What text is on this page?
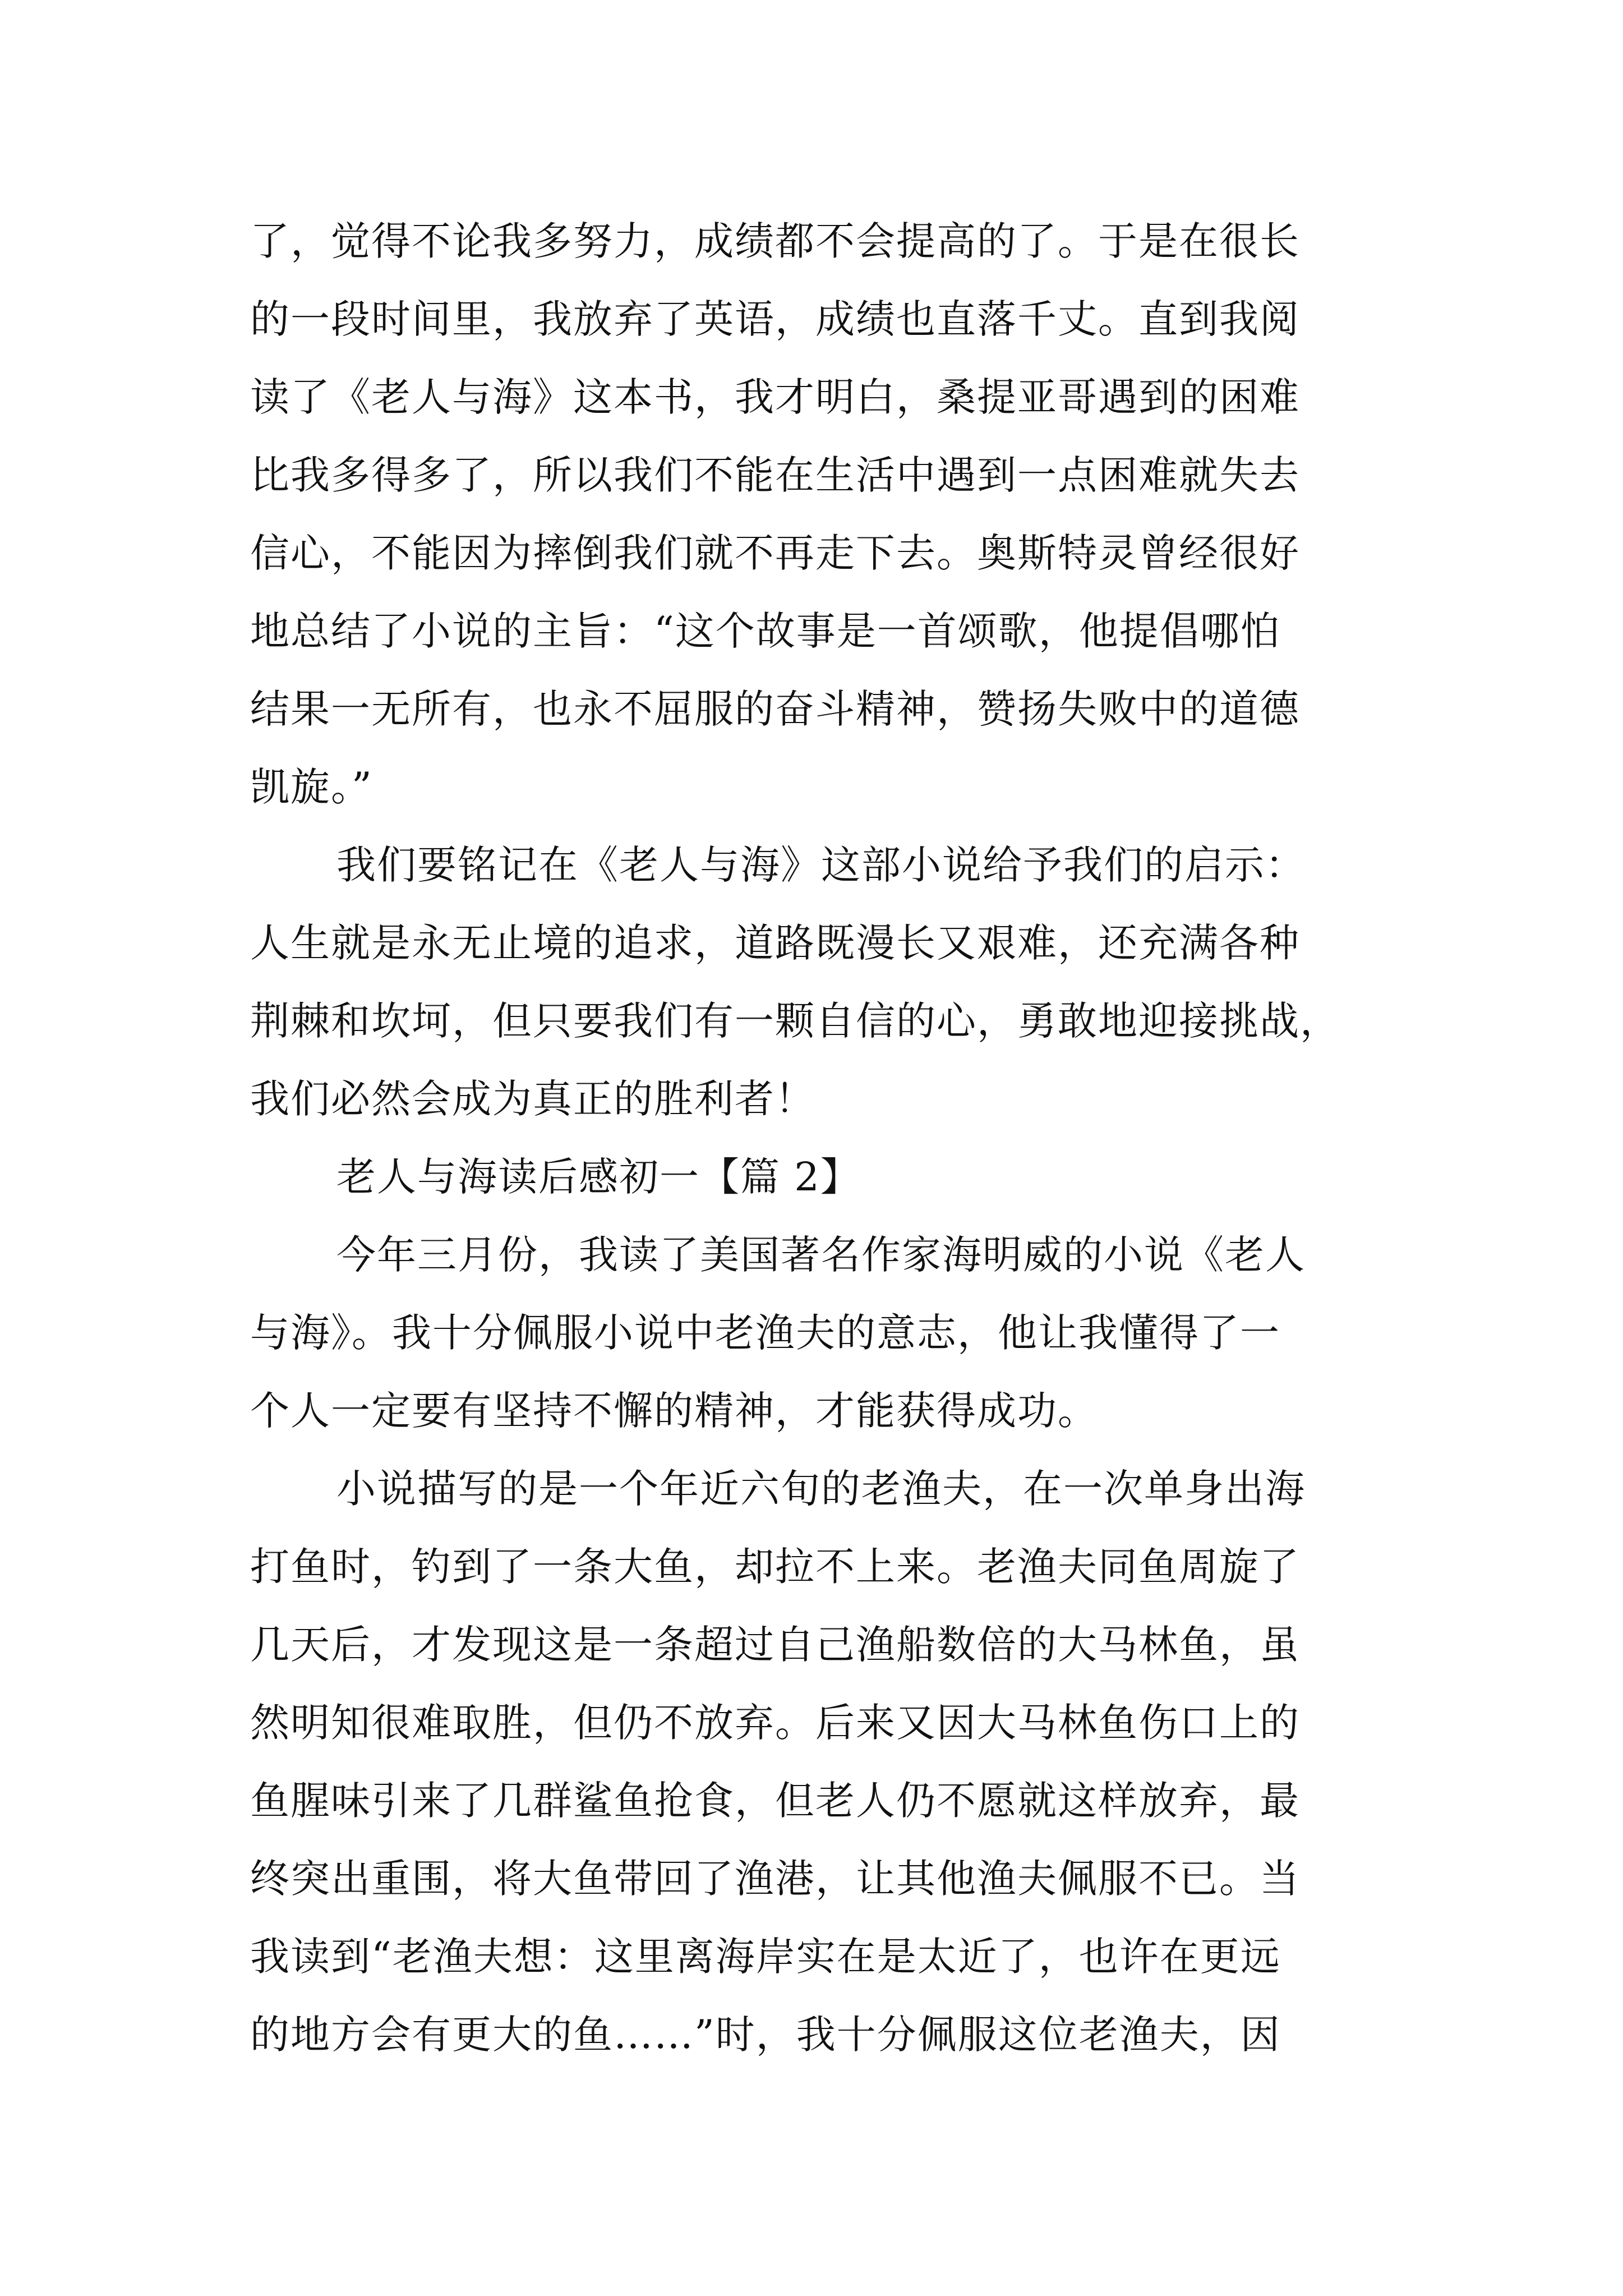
了，觉得不论我多努力，成绩都不会提高的了。于是在很长
的一段时间里，我放弃了英语，成绩也直落千丈。直到我阅
读了《老人与海》这本书，我才明白，桑提亚哥遇到的困难
比我多得多了，所以我们不能在生活中遇到一点困难就失去
信心，不能因为摔倒我们就不再走下去。奥斯特灵曾经很好
地总结了小说的主旨：“这个故事是一首颂歌，他提倡哪怕
结果一无所有，也永不屈服的奋斗精神，赞扬失败中的道德
凯旋。”
我们要铭记在《老人与海》这部小说给予我们的启示：
人生就是永无止境的追求，道路既漫长又艰难，还充满各种
荆棘和坎坷，但只要我们有一颗自信的心，勇敢地迎接挑战，
我们必然会成为真正的胜利者！
老人与海读后感初一【篇 2】
今年三月份，我读了美国著名作家海明威的小说《老人
与海》。我十分佩服小说中老渔夫的意志，他让我懂得了一
个人一定要有坚持不懈的精神，才能获得成功。
小说描写的是一个年近六旬的老渔夫，在一次单身出海
打鱼时，钓到了一条大鱼，却拉不上来。老渔夫同鱼周旋了
几天后，才发现这是一条超过自己渔船数倍的大马林鱼，虽
然明知很难取胜，但仍不放弃。后来又因大马林鱼伤口上的
鱼腥味引来了几群鲨鱼抢食，但老人仍不愿就这样放弃，最
终突出重围，将大鱼带回了渔港，让其他渔夫佩服不已。当
我读到“老渔夫想：这里离海岸实在是太近了，也许在更远
的地方会有更大的鱼……”时，我十分佩服这位老渔夫，因
